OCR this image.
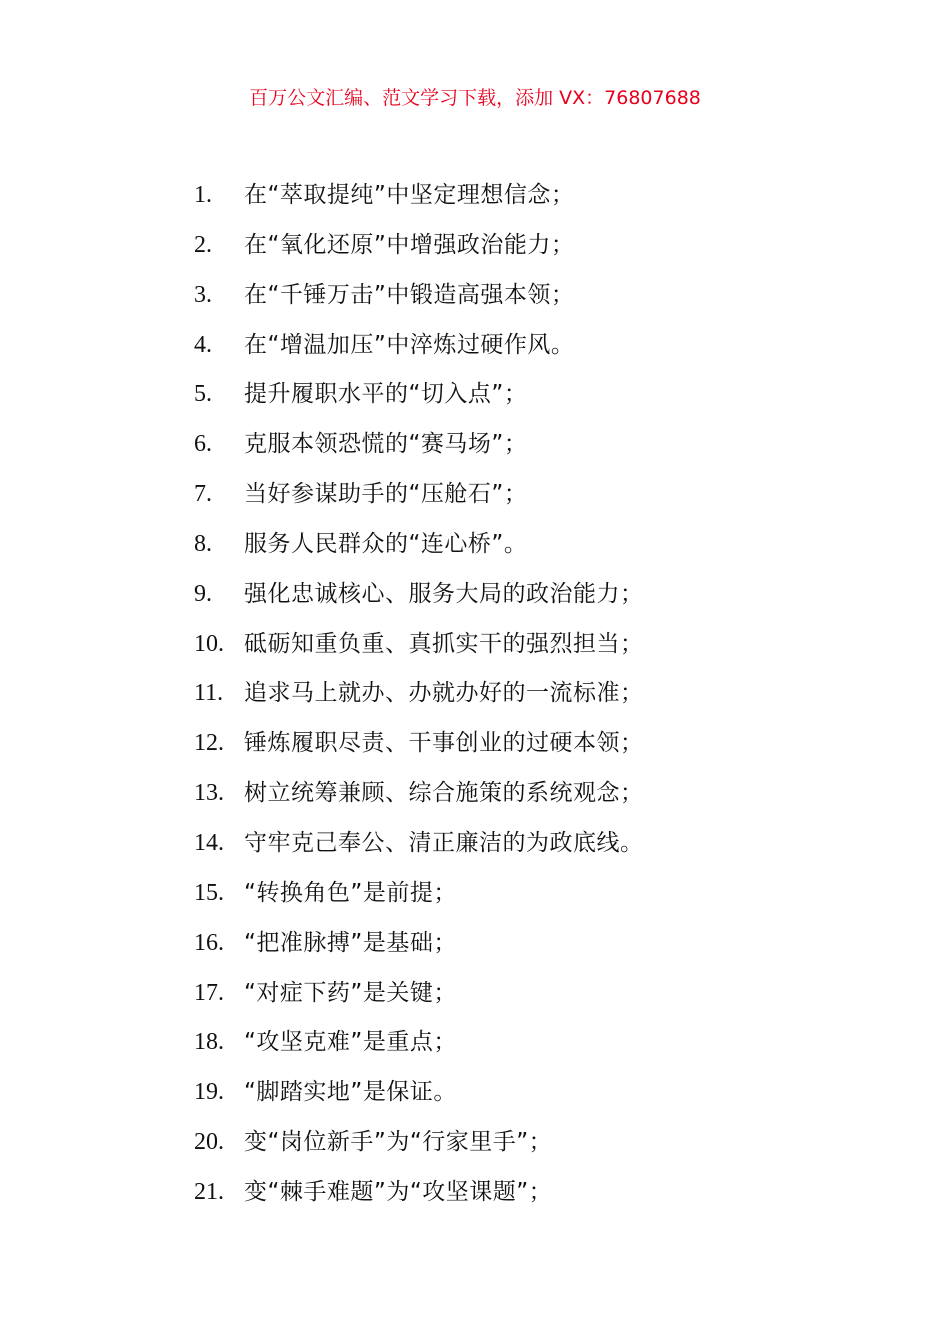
百万公文汇编、范文学习下载，添加 VX：76807688
1.	在“萃取提纯”中坚定理想信念；
2.	在“氧化还原”中增强政治能力；
3.	在“千锤万击”中锻造高强本领；
4.	在“增温加压”中淬炼过硬作风。
5.	提升履职水平的“切入点”；
6.	克服本领恐慌的“赛马场”；
7.	当好参谋助手的“压舱石”；
8.	服务人民群众的“连心桥”。
9.	强化忠诚核心、服务大局的政治能力；
10. 砥砺知重负重、真抓实干的强烈担当；
11. 追求马上就办、办就办好的一流标准；
12. 锤炼履职尽责、干事创业的过硬本领；
13. 树立统筹兼顾、综合施策的系统观念；
14. 守牢克己奉公、清正廉洁的为政底线。
15. “转换角色”是前提；
16. “把准脉搏”是基础；
17. “对症下药”是关键；
18. “攻坚克难”是重点；
19. “脚踏实地”是保证。
20. 变“岗位新手”为“行家里手”；
21. 变“棘手难题”为“攻坚课题”；
